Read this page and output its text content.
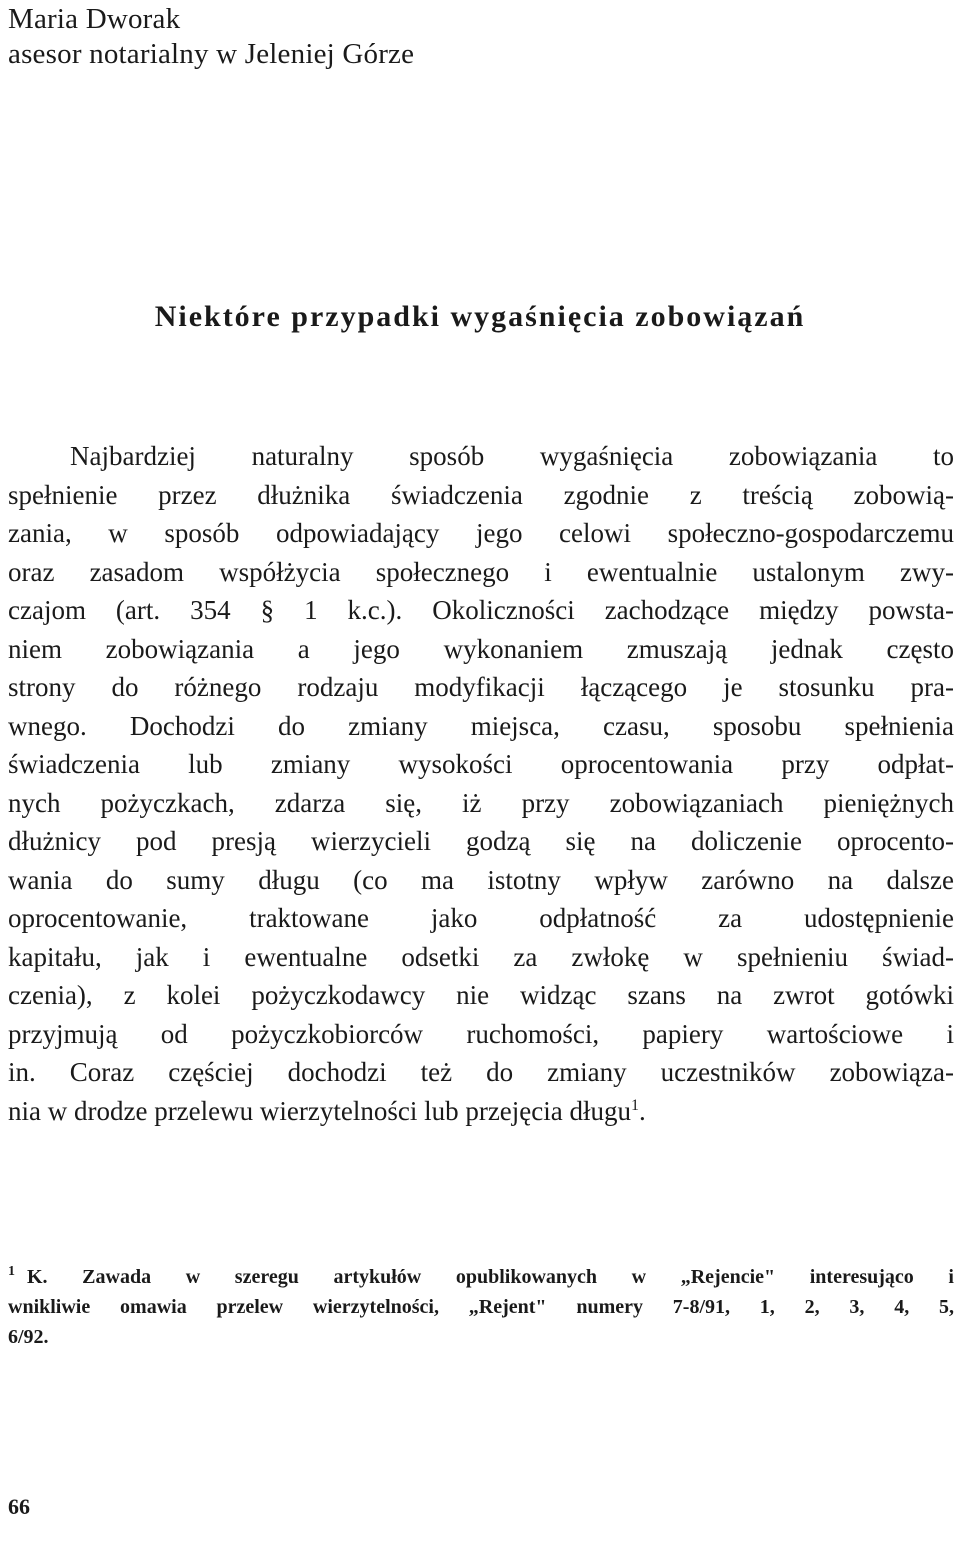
Maria Dworak
asesor notarialny w Jeleniej Górze
Niektóre przypadki wygaśnięcia zobowiązań
Najbardziej naturalny sposób wygaśnięcia zobowiązania to
spełnienie przez dłużnika świadczenia zgodnie z treścią zobowią-
zania, w sposób odpowiadający jego celowi społeczno-gospodarczemu
oraz zasadom współżycia społecznego i ewentualnie ustalonym zwy-
czajom (art. 354 § 1 k.c.). Okoliczności zachodzące między powsta-
niem zobowiązania a jego wykonaniem zmuszają jednak często
strony do różnego rodzaju modyfikacji łączącego je stosunku pra-
wnego. Dochodzi do zmiany miejsca, czasu, sposobu spełnienia
świadczenia lub zmiany wysokości oprocentowania przy odpłat-
nych pożyczkach, zdarza się, iż przy zobowiązaniach pieniężnych
dłużnicy pod presją wierzycieli godzą się na doliczenie oprocento-
wania do sumy długu (co ma istotny wpływ zarówno na dalsze
oprocentowanie, traktowane jako odpłatność za udostępnienie
kapitału, jak i ewentualne odsetki za zwłokę w spełnieniu świad-
czenia), z kolei pożyczkodawcy nie widząc szans na zwrot gotówki
przyjmują od pożyczkobiorców ruchomości, papiery wartościowe i
in. Coraz częściej dochodzi też do zmiany uczestników zobowiąza-
nia w drodze przelewu wierzytelności lub przejęcia długu$^1$.
$^1$ K. Zawada w szeregu artykułów opublikowanych w „Rejencie" interesująco i
wnikliwie omawia przelew wierzytelności, „Rejent" numery 7-8/91, 1, 2, 3, 4, 5,
6/92.
66
